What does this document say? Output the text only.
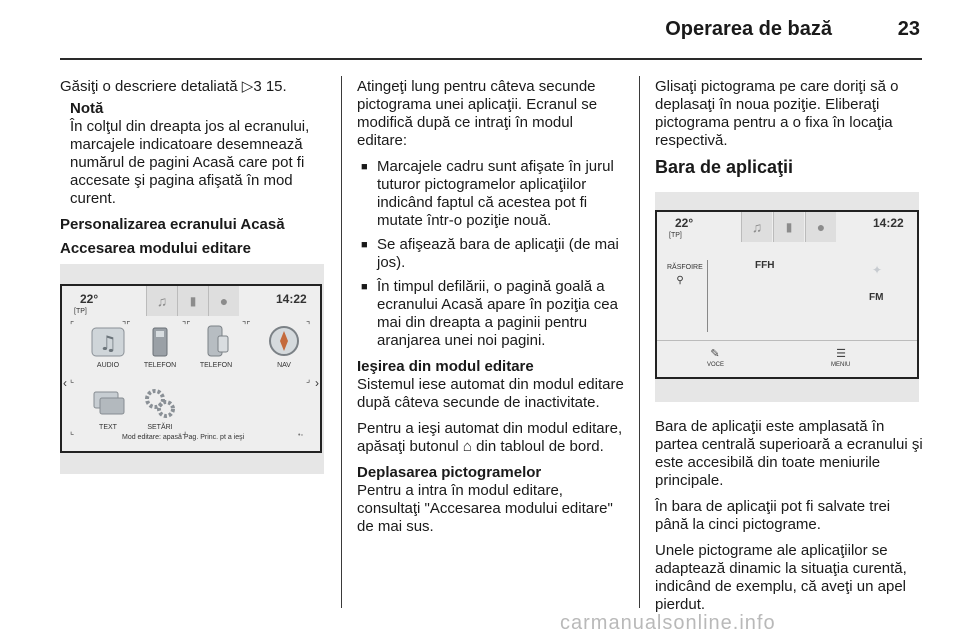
Operarea de bază	23

Găsiţi o descriere detaliată ▷3 15.

Notă
În colţul din dreapta jos al ecranului, marcajele indicatoare desemnează numărul de pagini Acasă care pot fi accesate şi pagina afişată în mod curent.
Personalizarea ecranului Acasă
Accesarea modului editare
22°
[TP]
♫	▮	●	14:22
♫
AUDIO	TELEFON	TELEFON	NAV
TEXT	SETĂRI
⌜	⌝⌜	⌝⌜	⌝⌜	⌝
⌞	⌟
⌞	⌟
‹	›
Mod editare: apasă Pag. Princ. pt a ieşi	•▫

Atingeţi lung pentru câteva secunde pictograma unei aplicaţii. Ecranul se modifică după ce intraţi în modul editare:

■ Marcajele cadru sunt afişate în jurul tuturor pictogramelor aplicaţiilor indicând faptul că acestea pot fi mutate într-o poziţie nouă.
■ Se afişează bara de aplicaţii (de mai jos).
■ În timpul defilării, o pagină goală a ecranului Acasă apare în poziţia cea mai din dreapta a paginii pentru aranjarea unei noi pagini.
Ieşirea din modul editare

Sistemul iese automat din modul editare după câteva secunde de inactivitate.

Pentru a ieşi automat din modul editare, apăsaţi butonul ⌂ din tabloul de bord.

Deplasarea pictogramelor

Pentru a intra în modul editare, consultaţi "Accesarea modului editare" de mai sus.

Glisaţi pictograma pe care doriţi să o deplasaţi în noua poziţie. Eliberaţi pictograma pentru a o fixa în locaţia respectivă.

Bara de aplicaţii
22°
[TP]
♫	▮	●	14:22
RĂSFOIRE
⚲
FFH	✦
FM
✎
VOCE
☰
MENIU

Bara de aplicaţii este amplasată în partea centrală superioară a ecranului şi este accesibilă din toate meniurile principale.

În bara de aplicaţii pot fi salvate trei până la cinci pictograme.

Unele pictograme ale aplicaţiilor se adaptează dinamic la situaţia curentă, indicând de exemplu, că aveţi un apel pierdut.

carmanualsonline.info
